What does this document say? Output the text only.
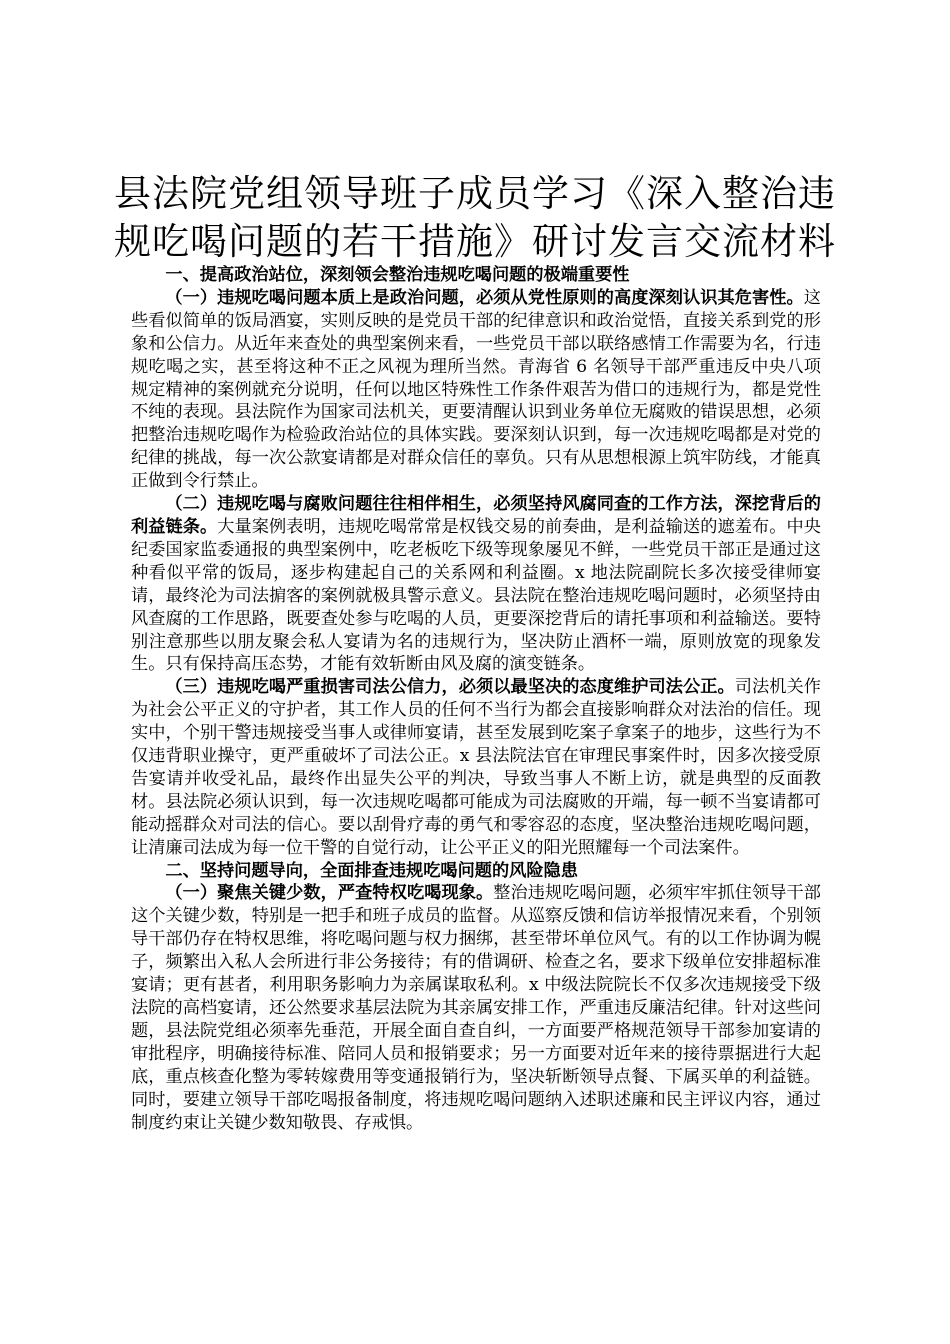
县法院党组领导班子成员学习《深入整治违规吃喝问题的若干措施》研讨发言交流材料
一、提高政治站位，深刻领会整治违规吃喝问题的极端重要性

（一）违规吃喝问题本质上是政治问题，必须从党性原则的高度深刻认识其危害性。这些看似简单的饭局酒宴，实则反映的是党员干部的纪律意识和政治觉悟，直接关系到党的形象和公信力。从近年来查处的典型案例来看，一些党员干部以联络感情工作需要为名，行违规吃喝之实，甚至将这种不正之风视为理所当然。青海省 6 名领导干部严重违反中央八项规定精神的案例就充分说明，任何以地区特殊性工作条件艰苦为借口的违规行为，都是党性不纯的表现。县法院作为国家司法机关，更要清醒认识到业务单位无腐败的错误思想，必须把整治违规吃喝作为检验政治站位的具体实践。要深刻认识到，每一次违规吃喝都是对党的纪律的挑战，每一次公款宴请都是对群众信任的辜负。只有从思想根源上筑牢防线，才能真正做到令行禁止。

（二）违规吃喝与腐败问题往往相伴相生，必须坚持风腐同查的工作方法，深挖背后的利益链条。大量案例表明，违规吃喝常常是权钱交易的前奏曲，是利益输送的遮羞布。中央纪委国家监委通报的典型案例中，吃老板吃下级等现象屡见不鲜，一些党员干部正是通过这种看似平常的饭局，逐步构建起自己的关系网和利益圈。x 地法院副院长多次接受律师宴请，最终沦为司法掮客的案例就极具警示意义。县法院在整治违规吃喝问题时，必须坚持由风查腐的工作思路，既要查处参与吃喝的人员，更要深挖背后的请托事项和利益输送。要特别注意那些以朋友聚会私人宴请为名的违规行为，坚决防止酒杯一端，原则放宽的现象发生。只有保持高压态势，才能有效斩断由风及腐的演变链条。

（三）违规吃喝严重损害司法公信力，必须以最坚决的态度维护司法公正。司法机关作为社会公平正义的守护者，其工作人员的任何不当行为都会直接影响群众对法治的信任。现实中，个别干警违规接受当事人或律师宴请，甚至发展到吃案子拿案子的地步，这些行为不仅违背职业操守，更严重破坏了司法公正。x 县法院法官在审理民事案件时，因多次接受原告宴请并收受礼品，最终作出显失公平的判决，导致当事人不断上访，就是典型的反面教材。县法院必须认识到，每一次违规吃喝都可能成为司法腐败的开端，每一顿不当宴请都可能动摇群众对司法的信心。要以刮骨疗毒的勇气和零容忍的态度，坚决整治违规吃喝问题，让清廉司法成为每一位干警的自觉行动，让公平正义的阳光照耀每一个司法案件。

二、坚持问题导向，全面排查违规吃喝问题的风险隐患

（一）聚焦关键少数，严查特权吃喝现象。整治违规吃喝问题，必须牢牢抓住领导干部这个关键少数，特别是一把手和班子成员的监督。从巡察反馈和信访举报情况来看，个别领导干部仍存在特权思维，将吃喝问题与权力捆绑，甚至带坏单位风气。有的以工作协调为幌子，频繁出入私人会所进行非公务接待；有的借调研、检查之名，要求下级单位安排超标准宴请；更有甚者，利用职务影响力为亲属谋取私利。x 中级法院院长不仅多次违规接受下级法院的高档宴请，还公然要求基层法院为其亲属安排工作，严重违反廉洁纪律。针对这些问题，县法院党组必须率先垂范，开展全面自查自纠，一方面要严格规范领导干部参加宴请的审批程序，明确接待标准、陪同人员和报销要求；另一方面要对近年来的接待票据进行大起底，重点核查化整为零转嫁费用等变通报销行为，坚决斩断领导点餐、下属买单的利益链。同时，要建立领导干部吃喝报备制度，将违规吃喝问题纳入述职述廉和民主评议内容，通过制度约束让关键少数知敬畏、存戒惧。
